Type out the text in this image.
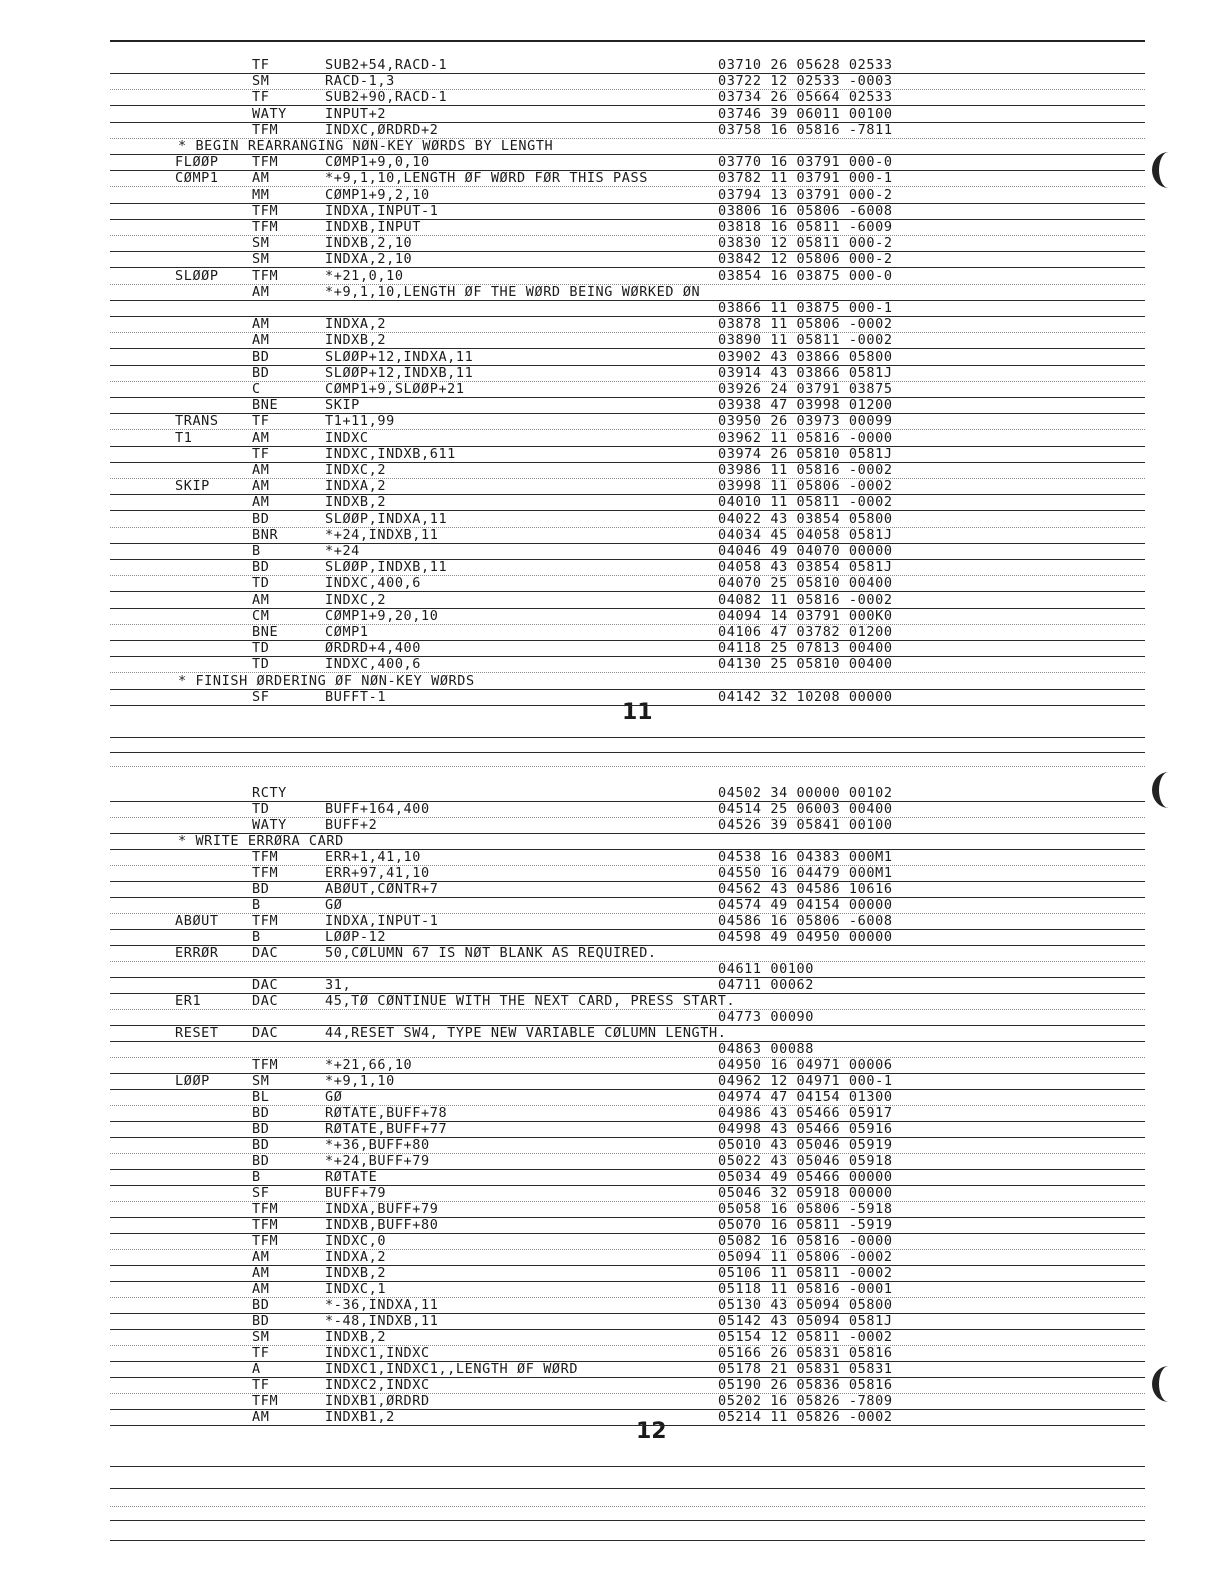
11
12
TF	SUB2+54,RACD-1	03710 26 05628 02533
SM	RACD-1,3	03722 12 02533 -0003
TF	SUB2+90,RACD-1	03734 26 05664 02533
WATY	INPUT+2	03746 39 06011 00100
TFM	INDXC,ØRDRD+2	03758 16 05816 -7811
* BEGIN REARRANGING NØN-KEY WØRDS BY LENGTH
FLØØP TFM	CØMP1+9,0,10	03770 16 03791 000-0
CØMP1 AM	*+9,1,10,LENGTH ØF WØRD FØR THIS PASS	03782 11 03791 000-1
MM	CØMP1+9,2,10	03794 13 03791 000-2
TFM	INDXA,INPUT-1	03806 16 05806 -6008
TFM	INDXB,INPUT	03818 16 05811 -6009
SM	INDXB,2,10	03830 12 05811 000-2
SM	INDXA,2,10	03842 12 05806 000-2
SLØØP TFM	*+21,0,10	03854 16 03875 000-0
AM	*+9,1,10,LENGTH ØF THE WØRD BEING WØRKED ØN
03866 11 03875 000-1
AM	INDXA,2	03878 11 05806 -0002
AM	INDXB,2	03890 11 05811 -0002
BD	SLØØP+12,INDXA,11	03902 43 03866 05800
BD	SLØØP+12,INDXB,11	03914 43 03866 0581J
C	CØMP1+9,SLØØP+21	03926 24 03791 03875
BNE	SKIP	03938 47 03998 01200
TRANS TF	T1+11,99	03950 26 03973 00099
T1	AM	INDXC	03962 11 05816 -0000
TF	INDXC,INDXB,611	03974 26 05810 0581J
AM	INDXC,2	03986 11 05816 -0002
SKIP	AM	INDXA,2	03998 11 05806 -0002
AM	INDXB,2	04010 11 05811 -0002
BD	SLØØP,INDXA,11	04022 43 03854 05800
BNR	*+24,INDXB,11	04034 45 04058 0581J
B	*+24	04046 49 04070 00000
BD	SLØØP,INDXB,11	04058 43 03854 0581J
TD	INDXC,400,6	04070 25 05810 00400
AM	INDXC,2	04082 11 05816 -0002
CM	CØMP1+9,20,10	04094 14 03791 000K0
BNE	CØMP1	04106 47 03782 01200
TD	ØRDRD+4,400	04118 25 07813 00400
TD	INDXC,400,6	04130 25 05810 00400
* FINISH ØRDERING ØF NØN-KEY WØRDS
SF	BUFFT-1	04142 32 10208 00000
RCTY	04502 34 00000 00102
TD	BUFF+164,400	04514 25 06003 00400
WATY	BUFF+2	04526 39 05841 00100
* WRITE ERRØRA CARD
TFM	ERR+1,41,10	04538 16 04383 000M1
TFM	ERR+97,41,10	04550 16 04479 000M1
BD	ABØUT,CØNTR+7	04562 43 04586 10616
B	GØ	04574 49 04154 00000
ABØUT TFM	INDXA,INPUT-1	04586 16 05806 -6008
B	LØØP-12	04598 49 04950 00000
ERRØR DAC	50,CØLUMN 67 IS NØT BLANK AS REQUIRED.
04611 00100
DAC	31,	04711 00062
ER1	DAC	45,TØ CØNTINUE WITH THE NEXT CARD, PRESS START.
04773 00090
RESET DAC	44,RESET SW4, TYPE NEW VARIABLE CØLUMN LENGTH.
04863 00088
TFM	*+21,66,10	04950 16 04971 00006
LØØP	SM	*+9,1,10	04962 12 04971 000-1
BL	GØ	04974 47 04154 01300
BD	RØTATE,BUFF+78	04986 43 05466 05917
BD	RØTATE,BUFF+77	04998 43 05466 05916
BD	*+36,BUFF+80	05010 43 05046 05919
BD	*+24,BUFF+79	05022 43 05046 05918
B	RØTATE	05034 49 05466 00000
SF	BUFF+79	05046 32 05918 00000
TFM	INDXA,BUFF+79	05058 16 05806 -5918
TFM	INDXB,BUFF+80	05070 16 05811 -5919
TFM	INDXC,0	05082 16 05816 -0000
AM	INDXA,2	05094 11 05806 -0002
AM	INDXB,2	05106 11 05811 -0002
AM	INDXC,1	05118 11 05816 -0001
BD	*-36,INDXA,11	05130 43 05094 05800
BD	*-48,INDXB,11	05142 43 05094 0581J
SM	INDXB,2	05154 12 05811 -0002
TF	INDXC1,INDXC	05166 26 05831 05816
A	INDXC1,INDXC1,,LENGTH ØF WØRD	05178 21 05831 05831
TF	INDXC2,INDXC	05190 26 05836 05816
TFM	INDXB1,ØRDRD	05202 16 05826 -7809
AM	INDXB1,2	05214 11 05826 -0002
